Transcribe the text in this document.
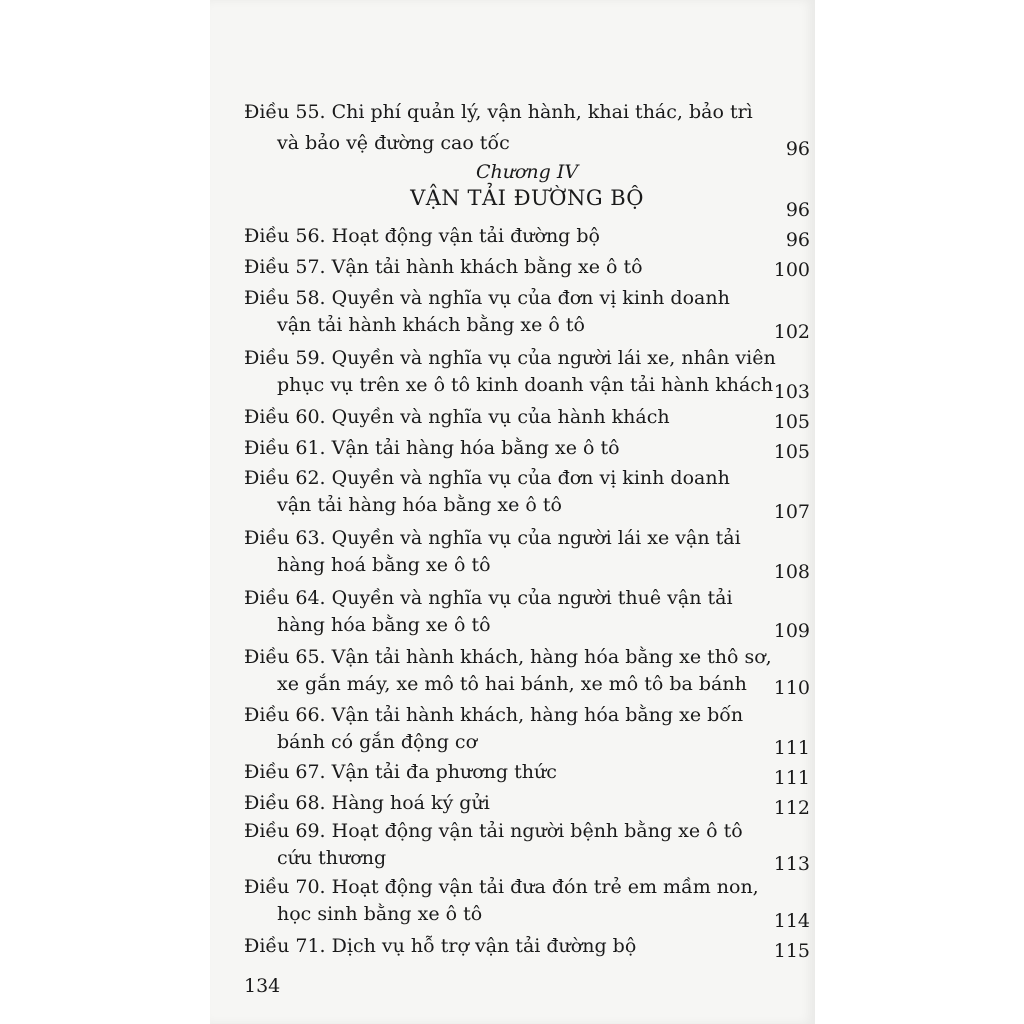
Điều 55. Chi phí quản lý, vận hành, khai thác, bảo trì
và bảo vệ đường cao tốc	96
Chương IV
VẬN TẢI ĐƯỜNG BỘ	96
Điều 56. Hoạt động vận tải đường bộ	96
Điều 57. Vận tải hành khách bằng xe ô tô	100
Điều 58. Quyền và nghĩa vụ của đơn vị kinh doanh
vận tải hành khách bằng xe ô tô	102
Điều 59. Quyền và nghĩa vụ của người lái xe, nhân viên
phục vụ trên xe ô tô kinh doanh vận tải hành khách 103
Điều 60. Quyền và nghĩa vụ của hành khách	105
Điều 61. Vận tải hàng hóa bằng xe ô tô	105
Điều 62. Quyền và nghĩa vụ của đơn vị kinh doanh
vận tải hàng hóa bằng xe ô tô	107
Điều 63. Quyền và nghĩa vụ của người lái xe vận tải
hàng hoá bằng xe ô tô	108
Điều 64. Quyền và nghĩa vụ của người thuê vận tải
hàng hóa bằng xe ô tô	109
Điều 65. Vận tải hành khách, hàng hóa bằng xe thô sơ,
xe gắn máy, xe mô tô hai bánh, xe mô tô ba bánh	110
Điều 66. Vận tải hành khách, hàng hóa bằng xe bốn
bánh có gắn động cơ	111
Điều 67. Vận tải đa phương thức	111
Điều 68. Hàng hoá ký gửi	112
Điều 69. Hoạt động vận tải người bệnh bằng xe ô tô
cứu thương	113
Điều 70. Hoạt động vận tải đưa đón trẻ em mầm non,
học sinh bằng xe ô tô	114
Điều 71. Dịch vụ hỗ trợ vận tải đường bộ	115
134
